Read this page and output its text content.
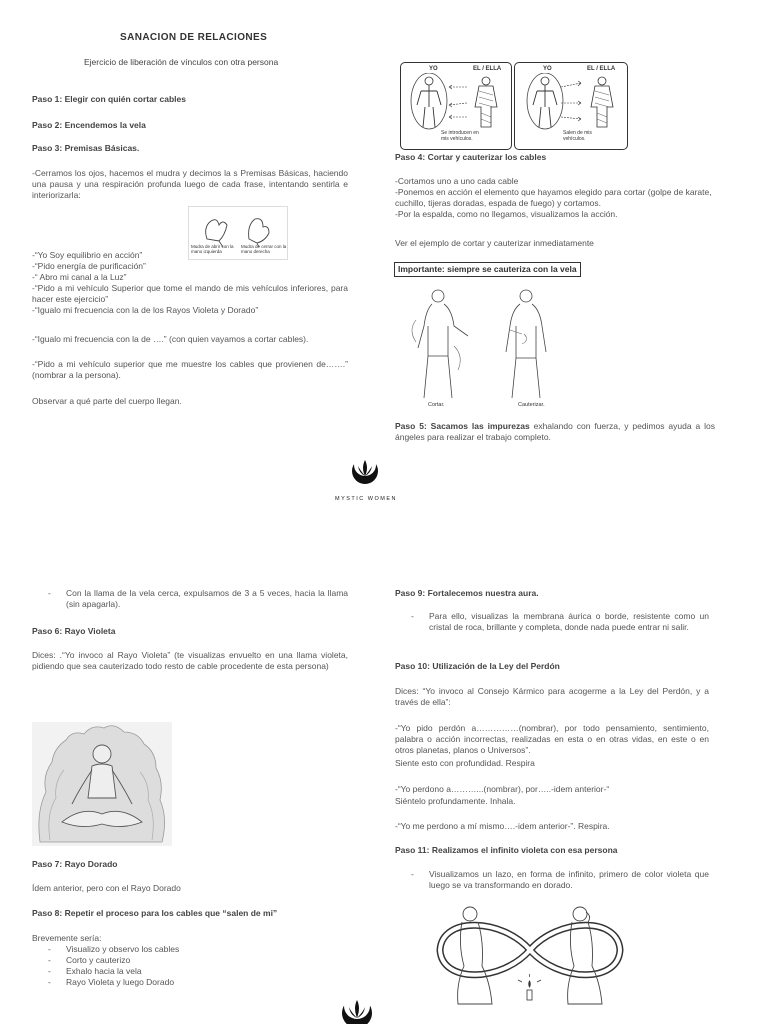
SANACION DE RELACIONES
Ejercicio de liberación de vínculos con otra persona
Paso 1: Elegir con quién cortar cables
Paso 2: Encendemos la vela
Paso 3: Premisas Básicas.
-Cerramos los ojos, hacemos el mudra y decimos la s Premisas Básicas, haciendo una pausa y una respiración profunda luego de cada frase, intentando sentirla e interiorizarla:
Mudra de abrir con la mano izquierda
Mudra de cerrar con la mano derecha
-“Yo Soy equilibrio en acción”
-“Pido energía de purificación”
-“ Abro mi canal a la Luz”
-“Pido a mi vehículo Superior que tome el mando de mis vehículos inferiores, para hacer este ejercicio”
-“Igualo mi frecuencia con la de los Rayos Violeta y Dorado”
-“Igualo mi frecuencia con la de ….” (con quien vayamos a cortar cables).
-“Pido a mi vehículo superior que me muestre los cables que provienen de…….” (nombrar a la persona).
Observar a qué parte del cuerpo llegan.
YO	EL / ELLA
Se introducen en mis vehículos.
YO	EL / ELLA
Salen de mis vehículos.
Paso 4: Cortar y cauterizar los cables
-Cortamos uno a uno cada cable
-Ponemos en acción el elemento que hayamos elegido para cortar (golpe de karate, cuchillo, tijeras doradas, espada de fuego) y cortamos.
-Por la espalda, como no llegamos, visualizamos la acción.
Ver el ejemplo de cortar y cauterizar inmediatamente
Importante: siempre se cauteriza con la vela
Cortar.	Cauterizar.
Paso 5: Sacamos las impurezas exhalando con fuerza, y pedimos ayuda a los ángeles para realizar el trabajo completo.
MYSTIC WOMEN
- Con la llama de la vela cerca, expulsamos de 3 a 5 veces, hacia la llama (sin apagarla).
Paso 6: Rayo Violeta
Dices: .“Yo invoco al Rayo Violeta” (te visualizas envuelto en una llama violeta, pidiendo que sea cauterizado todo resto de cable procedente de esta persona)
Paso 7: Rayo Dorado
Ídem anterior, pero con el Rayo Dorado
Paso 8: Repetir el proceso para los cables que “salen de mi”
Brevemente sería:
- Visualizo y observo los cables
- Corto y cauterizo
- Exhalo hacia la vela
- Rayo Violeta y luego Dorado
Paso 9: Fortalecemos nuestra aura.
- Para ello, visualizas la membrana áurica o borde, resistente como un cristal de roca, brillante y completa, donde nada puede entrar ni salir.
Paso 10: Utilización de la Ley del Perdón
Dices: “Yo invoco al Consejo Kármico para acogerme a la Ley del Perdón, y a través de ella”:
-“Yo pido perdón a……………(nombrar), por todo pensamiento, sentimiento, palabra o acción incorrectas, realizadas en esta o en otras vidas, en este o en otros planetas, planos o Universos”.
Siente esto con profundidad. Respira
-“Yo perdono a………...(nombrar), por…..-idem anterior-“
Siéntelo profundamente. Inhala.
-“Yo me perdono a mí mismo….-idem anterior-”. Respira.
Paso 11: Realizamos el infinito violeta con esa persona
- Visualizamos un lazo, en forma de infinito, primero de color violeta que luego se va transformando en dorado.
